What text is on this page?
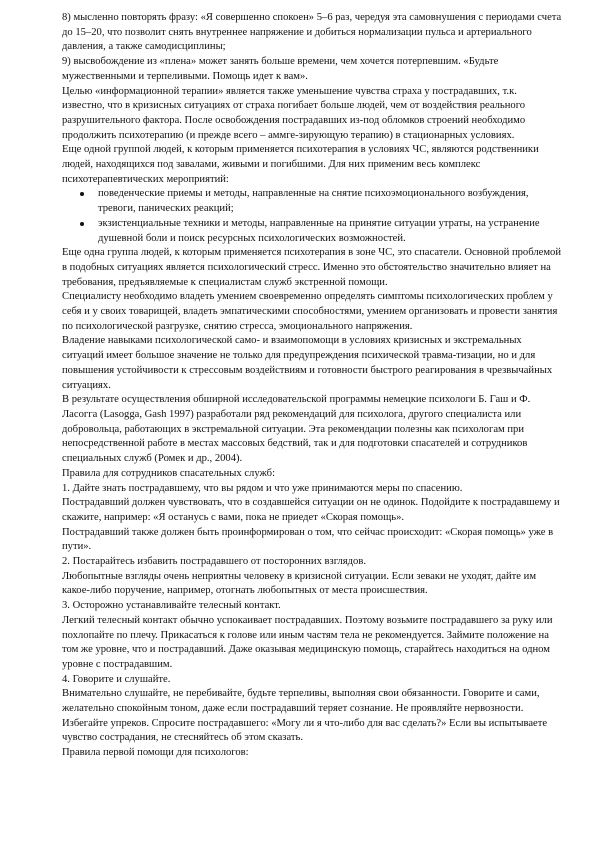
8) мысленно повторять фразу: «Я совершенно спокоен» 5–6 раз, чередуя эта самовнушения с периодами счета до 15–20, что позволит снять внутреннее напряжение и добиться нормализации пульса и артериального давления, а также самодисциплины;

9) высвобождение из «плена» может занять больше времени, чем хочется потерпевшим. «Будьте мужественными и терпеливыми. Помощь идет к вам».

Целью «информационной терапии» является также уменьшение чувства страха у пострадавших, т.к. известно, что в кризисных ситуациях от страха погибает больше людей, чем от воздействия реального разрушительного фактора. После освобождения пострадавших из-под обломков строений необходимо продолжить психотерапию (и прежде всего – аммге-зирующую терапию) в стационарных условиях.

Еще одной группой людей, к которым применяется психотерапия в условиях ЧС, являются родственники людей, находящихся под завалами, живыми и погибшими. Для них применим весь комплекс психотерапевтических мероприятий:

поведенческие приемы и методы, направленные на снятие психоэмоционального возбуждения, тревоги, панических реакций;
экзистенциальные техники и методы, направленные на принятие ситуации утраты, на устранение душевной боли и поиск ресурсных психологических возможностей.

Еще одна группа людей, к которым применяется психотерапия в зоне ЧС, это спасатели. Основной проблемой в подобных ситуациях является психологический стресс. Именно это обстоятельство значительно влияет на требования, предъявляемые к специалистам служб экстренной помощи.

Специалисту необходимо владеть умением своевременно определять симптомы психологических проблем у себя и у своих товарищей, владеть эмпатическими способностями, умением организовать и провести занятия по психологической разгрузке, снятию стресса, эмоционального напряжения.

Владение навыками психологической само- и взаимопомощи в условиях кризисных и экстремальных ситуаций имеет большое значение не только для предупреждения психической травма-тизации, но и для повышения устойчивости к стрессовым воздействиям и готовности быстрого реагирования в чрезвычайных ситуациях.

В результате осуществления обширной исследовательской программы немецкие психологи Б. Гаш и Ф. Ласогга (Lasogga, Gash 1997) разработали ряд рекомендаций для психолога, другого специалиста или добровольца, работающих в экстремальной ситуации. Эта рекомендации полезны как психологам при непосредственной работе в местах массовых бедствий, так и для подготовки спасателей и сотрудников специальных служб (Ромек и др., 2004).

Правила для сотрудников спасательных служб:

1. Дайте знать пострадавшему, что вы рядом и что уже принимаются меры по спасению.

Пострадавший должен чувствовать, что в создавшейся ситуации он не одинок. Подойдите к пострадавшему и скажите, например: «Я останусь с вами, пока не приедет «Скорая помощь».

Пострадавший также должен быть проинформирован о том, что сейчас происходит: «Скорая помощь» уже в пути».

2. Постарайтесь избавить пострадавшего от посторонних взглядов.

Любопытные взгляды очень неприятны человеку в кризисной ситуации. Если зеваки не уходят, дайте им какое-либо поручение, например, отогнать любопытных от места происшествия.

3. Осторожно устанавливайте телесный контакт.

Легкий телесный контакт обычно успокаивает пострадавших. Поэтому возьмите пострадавшего за руку или похлопайте по плечу. Прикасаться к голове или иным частям тела не рекомендуется. Займите положение на том же уровне, что и пострадавший. Даже оказывая медицинскую помощь, старайтесь находиться на одном уровне с пострадавшим.

4. Говорите и слушайте.

Внимательно слушайте, не перебивайте, будьте терпеливы, выполняя свои обязанности. Говорите и сами, желательно спокойным тоном, даже если пострадавший теряет сознание. Не проявляйте нервозности. Избегайте упреков. Спросите пострадавшего: «Могу ли я что-либо для вас сделать?» Если вы испытываете чувство сострадания, не стесняйтесь об этом сказать.

Правила первой помощи для психологов:
